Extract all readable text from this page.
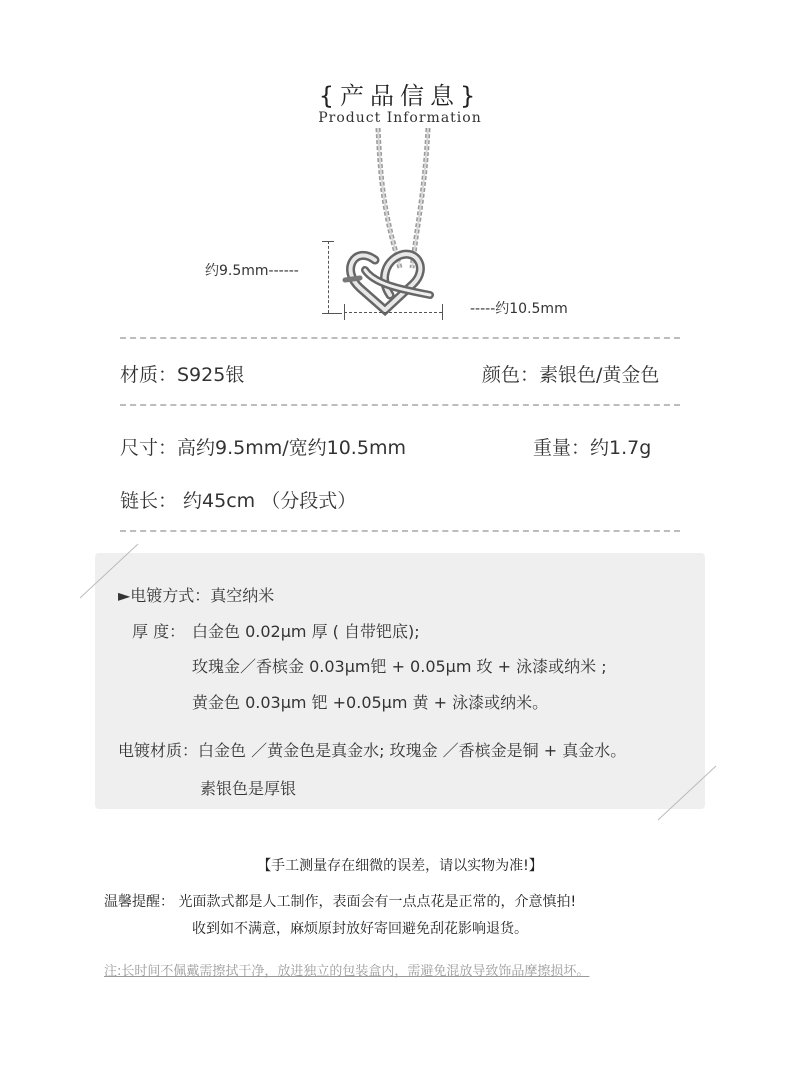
{产品信息}
Product Information
约9.5mm------
-----约10.5mm
材质：S925银	颜色：素银色/黄金色
尺寸：高约9.5mm/宽约10.5mm	重量：约1.7g
链长： 约45cm （分段式）
►电镀方式：真空纳米
厚 度： 白金色 0.02μm 厚 ( 自带钯底);
玫瑰金／香槟金 0.03μm钯 + 0.05μm 玫 + 泳漆或纳米 ;
黄金色 0.03μm 钯 +0.05μm 黄 + 泳漆或纳米。
电镀材质：白金色 ／黄金色是真金水; 玫瑰金 ／香槟金是铜 + 真金水。
素银色是厚银
【手工测量存在细微的误差，请以实物为准!】
温馨提醒： 光面款式都是人工制作，表面会有一点点花是正常的，介意慎拍!
收到如不满意，麻烦原封放好寄回避免刮花影响退货。
注:长时间不佩戴需擦拭干净，放进独立的包装盒内，需避免混放导致饰品摩擦损坏。
